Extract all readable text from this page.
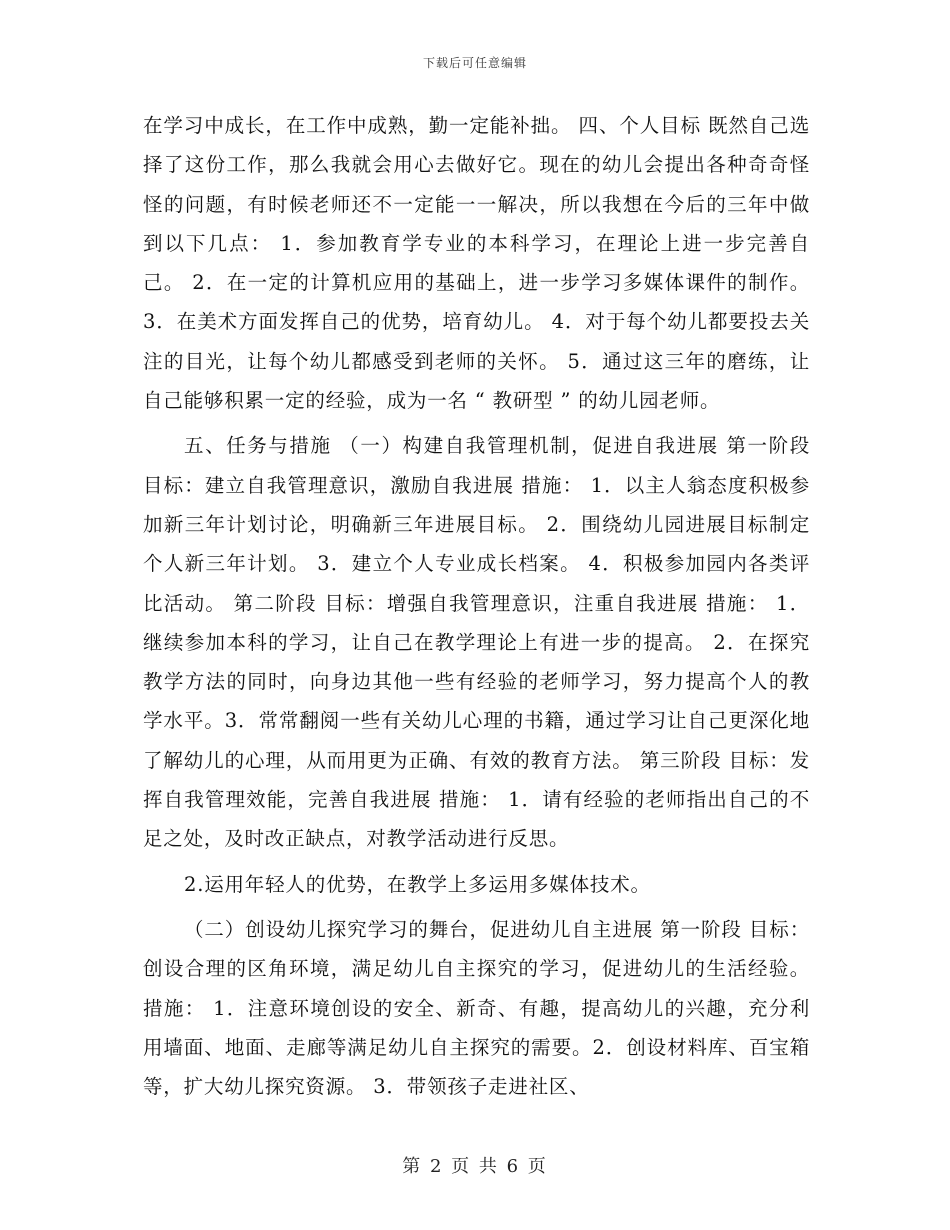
下载后可任意编辑

在学习中成长，在工作中成熟，勤一定能补拙。 四、个人目标 既然自己选择了这份工作，那么我就会用心去做好它。现在的幼儿会提出各种奇奇怪怪的问题，有时候老师还不一定能一一解决，所以我想在今后的三年中做到以下几点： 1．参加教育学专业的本科学习，在理论上进一步完善自己。 2．在一定的计算机应用的基础上，进一步学习多媒体课件的制作。 3．在美术方面发挥自己的优势，培育幼儿。 4．对于每个幼儿都要投去关注的目光，让每个幼儿都感受到老师的关怀。 5．通过这三年的磨练，让自己能够积累一定的经验，成为一名 “ 教研型 ” 的幼儿园老师。

五、任务与措施 （一）构建自我管理机制，促进自我进展 第一阶段 目标：建立自我管理意识，激励自我进展 措施： 1．以主人翁态度积极参加新三年计划讨论，明确新三年进展目标。 2．围绕幼儿园进展目标制定个人新三年计划。 3．建立个人专业成长档案。 4．积极参加园内各类评比活动。 第二阶段 目标：增强自我管理意识，注重自我进展 措施： 1．继续参加本科的学习，让自己在教学理论上有进一步的提高。 2．在探究教学方法的同时，向身边其他一些有经验的老师学习，努力提高个人的教学水平。3．常常翻阅一些有关幼儿心理的书籍，通过学习让自己更深化地了解幼儿的心理，从而用更为正确、有效的教育方法。 第三阶段 目标：发挥自我管理效能，完善自我进展 措施： 1．请有经验的老师指出自己的不足之处，及时改正缺点，对教学活动进行反思。

2.运用年轻人的优势，在教学上多运用多媒体技术。

（二）创设幼儿探究学习的舞台，促进幼儿自主进展 第一阶段 目标：创设合理的区角环境，满足幼儿自主探究的学习，促进幼儿的生活经验。 措施： 1．注意环境创设的安全、新奇、有趣，提高幼儿的兴趣，充分利用墙面、地面、走廊等满足幼儿自主探究的需要。2．创设材料库、百宝箱等，扩大幼儿探究资源。 3．带领孩子走进社区、

第 2 页 共 6 页
